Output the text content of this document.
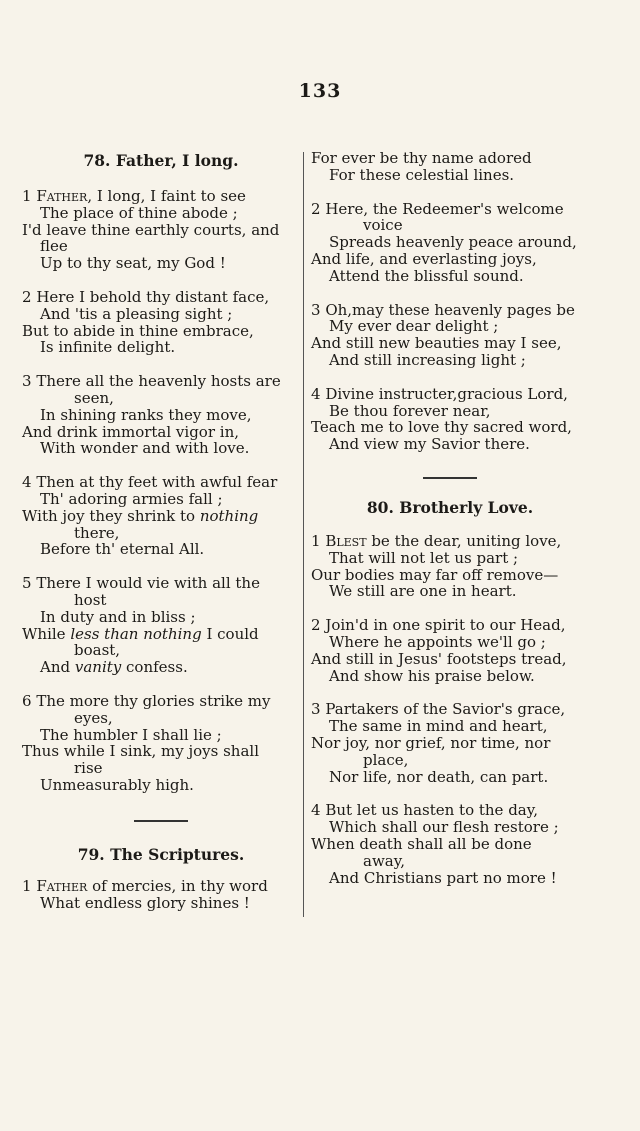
133
78. Father, I long.
1 Father, I long, I faint to see
The place of thine abode ;
I'd leave thine earthly courts, and
flee
Up to thy seat, my God !
2 Here I behold thy distant face,
And 'tis a pleasing sight ;
But to abide in thine embrace,
Is infinite delight.
3 There all the heavenly hosts are
seen,
In shining ranks they move,
And drink immortal vigor in,
With wonder and with love.
4 Then at thy feet with awful fear
Th' adoring armies fall ;
With joy they shrink to nothing
there,
Before th' eternal All.
5 There I would vie with all the
host
In duty and in bliss ;
While less than nothing I could
boast,
And vanity confess.
6 The more thy glories strike my
eyes,
The humbler I shall lie ;
Thus while I sink, my joys shall
rise
Unmeasurably high.
79. The Scriptures.
1 Father of mercies, in thy word
What endless glory shines !
For ever be thy name adored
For these celestial lines.
2 Here, the Redeemer's welcome
voice
Spreads heavenly peace around,
And life, and everlasting joys,
Attend the blissful sound.
3 Oh,may these heavenly pages be
My ever dear delight ;
And still new beauties may I see,
And still increasing light ;
4 Divine instructer,gracious Lord,
Be thou forever near,
Teach me to love thy sacred word,
And view my Savior there.
80. Brotherly Love.
1 Blest be the dear, uniting love,
That will not let us part ;
Our bodies may far off remove—
We still are one in heart.
2 Join'd in one spirit to our Head,
Where he appoints we'll go ;
And still in Jesus' footsteps tread,
And show his praise below.
3 Partakers of the Savior's grace,
The same in mind and heart,
Nor joy, nor grief, nor time, nor
place,
Nor life, nor death, can part.
4 But let us hasten to the day,
Which shall our flesh restore ;
When death shall all be done
away,
And Christians part no more !
